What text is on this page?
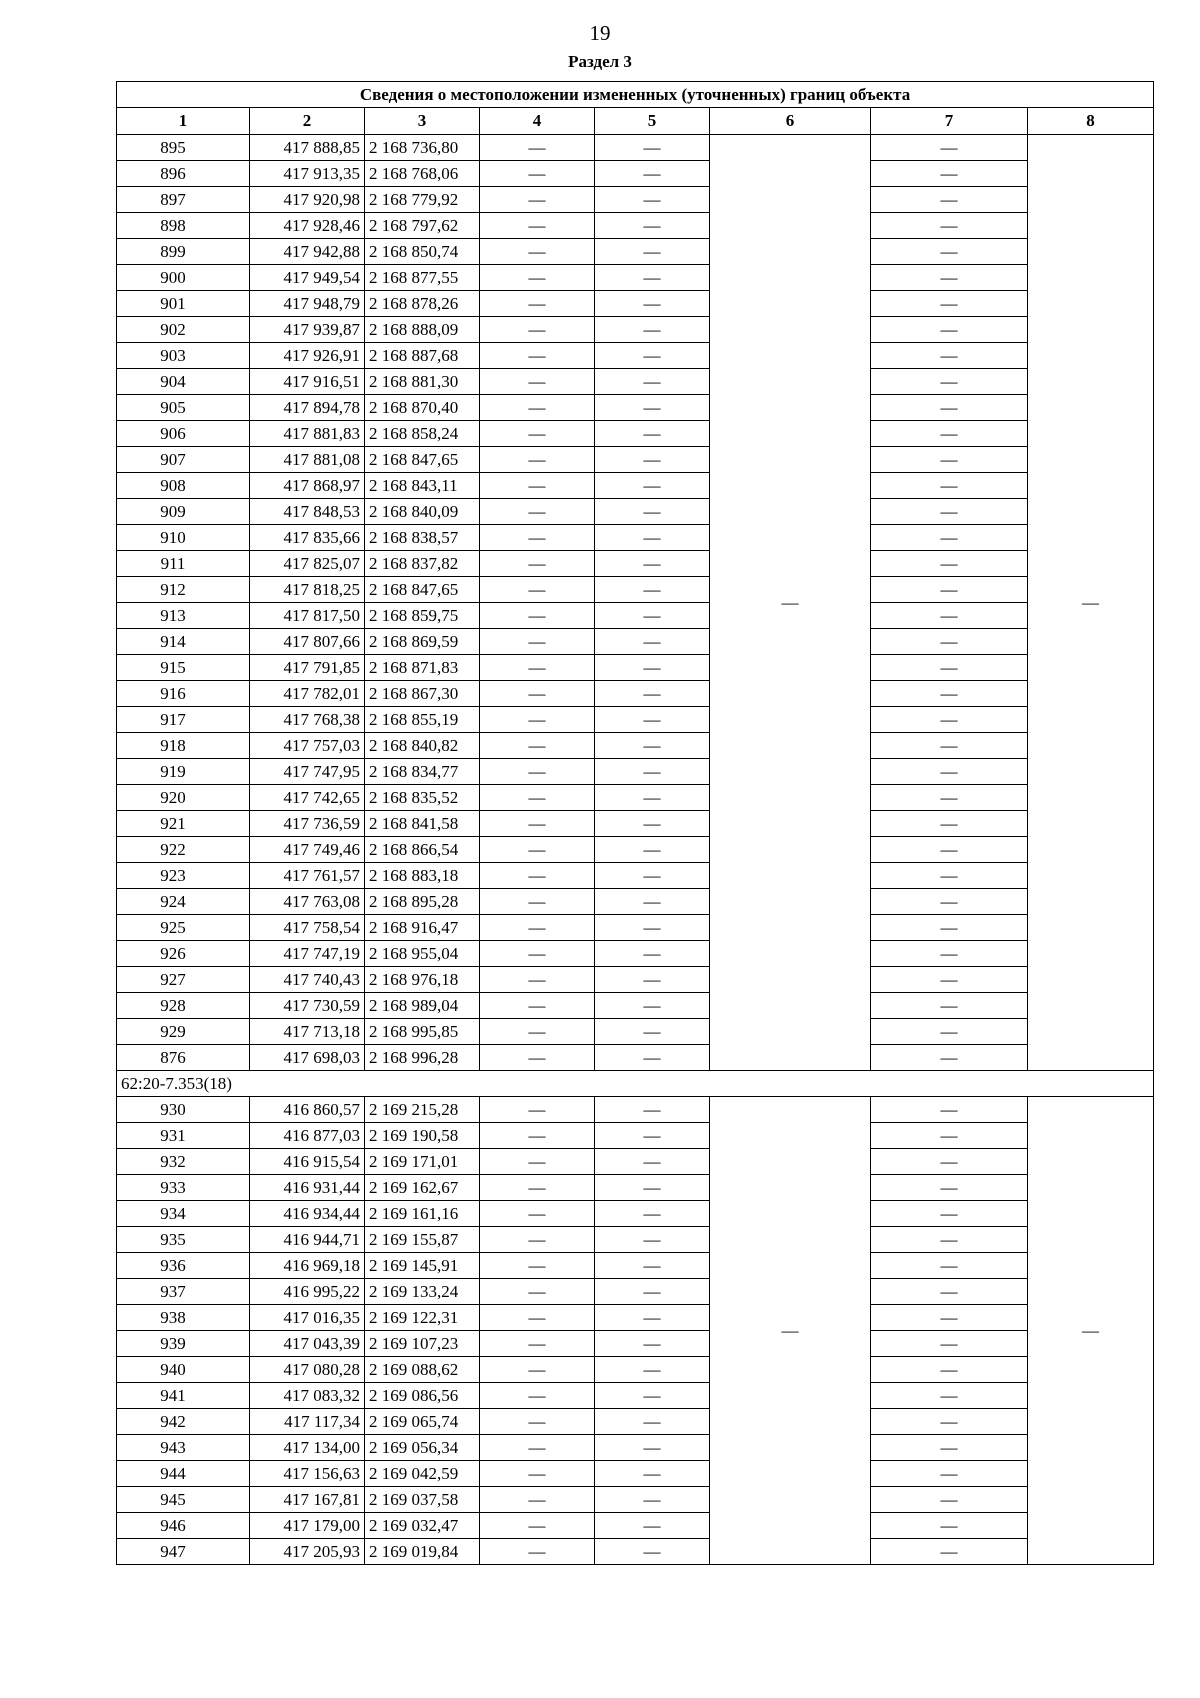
19
Раздел 3
Сведения о местоположении измененных (уточненных) границ объекта							
1	2	3	4	5	6	7	8
895	417 888,85	2 168 736,80	—	—	—	—	—
896	417 913,35	2 168 768,06	—	—		—	
897	417 920,98	2 168 779,92	—	—		—	
898	417 928,46	2 168 797,62	—	—		—	
899	417 942,88	2 168 850,74	—	—		—	
900	417 949,54	2 168 877,55	—	—		—	
901	417 948,79	2 168 878,26	—	—		—	
902	417 939,87	2 168 888,09	—	—		—	
903	417 926,91	2 168 887,68	—	—		—	
904	417 916,51	2 168 881,30	—	—		—	
905	417 894,78	2 168 870,40	—	—		—	
906	417 881,83	2 168 858,24	—	—		—	
907	417 881,08	2 168 847,65	—	—		—	
908	417 868,97	2 168 843,11	—	—		—	
909	417 848,53	2 168 840,09	—	—		—	
910	417 835,66	2 168 838,57	—	—		—	
911	417 825,07	2 168 837,82	—	—		—	
912	417 818,25	2 168 847,65	—	—		—	
913	417 817,50	2 168 859,75	—	—		—	
914	417 807,66	2 168 869,59	—	—		—	
915	417 791,85	2 168 871,83	—	—		—	
916	417 782,01	2 168 867,30	—	—		—	
917	417 768,38	2 168 855,19	—	—		—	
918	417 757,03	2 168 840,82	—	—		—	
919	417 747,95	2 168 834,77	—	—		—	
920	417 742,65	2 168 835,52	—	—		—	
921	417 736,59	2 168 841,58	—	—		—	
922	417 749,46	2 168 866,54	—	—		—	
923	417 761,57	2 168 883,18	—	—		—	
924	417 763,08	2 168 895,28	—	—		—	
925	417 758,54	2 168 916,47	—	—		—	
926	417 747,19	2 168 955,04	—	—		—	
927	417 740,43	2 168 976,18	—	—		—	
928	417 730,59	2 168 989,04	—	—		—	
929	417 713,18	2 168 995,85	—	—		—	
876	417 698,03	2 168 996,28	—	—		—	
62:20-7.353(18)							
930	416 860,57	2 169 215,28	—	—	—	—	—
931	416 877,03	2 169 190,58	—	—		—	
932	416 915,54	2 169 171,01	—	—		—	
933	416 931,44	2 169 162,67	—	—		—	
934	416 934,44	2 169 161,16	—	—		—	
935	416 944,71	2 169 155,87	—	—		—	
936	416 969,18	2 169 145,91	—	—		—	
937	416 995,22	2 169 133,24	—	—		—	
938	417 016,35	2 169 122,31	—	—		—	
939	417 043,39	2 169 107,23	—	—		—	
940	417 080,28	2 169 088,62	—	—		—	
941	417 083,32	2 169 086,56	—	—		—	
942	417 117,34	2 169 065,74	—	—		—	
943	417 134,00	2 169 056,34	—	—		—	
944	417 156,63	2 169 042,59	—	—		—	
945	417 167,81	2 169 037,58	—	—		—	
946	417 179,00	2 169 032,47	—	—		—	
947	417 205,93	2 169 019,84	—	—		—	
